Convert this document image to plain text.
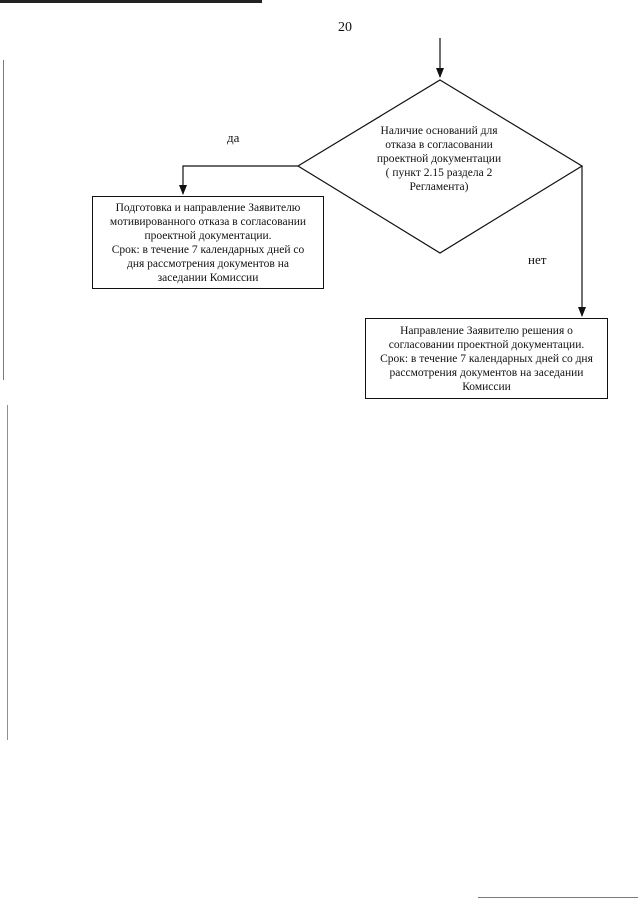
20
Наличие оснований для
отказа в согласовании
проектной документации
( пункт 2.15 раздела 2
Регламента)
да
нет
Подготовка и направление Заявителю
мотивированного отказа в согласовании
проектной документации.
Срок: в течение 7 календарных дней со
дня рассмотрения документов на
заседании Комиссии
Направление Заявителю решения о
согласовании проектной документации.
Срок: в течение 7 календарных дней со дня
рассмотрения документов на заседании
Комиссии
